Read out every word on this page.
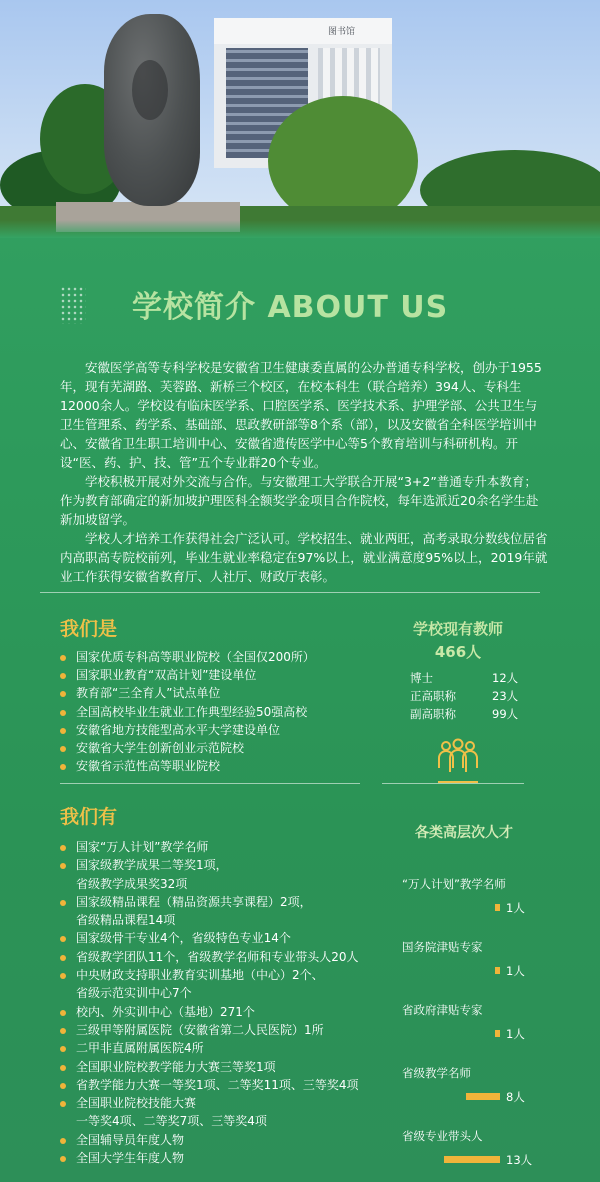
图书馆
学校简介 ABOUT US

安徽医学高等专科学校是安徽省卫生健康委直属的公办普通专科学校，创办于1955年，现有芜湖路、芙蓉路、新桥三个校区，在校本科生（联合培养）394人、专科生12000余人。学校设有临床医学系、口腔医学系、医学技术系、护理学部、公共卫生与卫生管理系、药学系、基础部、思政教研部等8个系（部），以及安徽省全科医学培训中心、安徽省卫生职工培训中心、安徽省遗传医学中心等5个教育培训与科研机构。开设“医、药、护、技、管”五个专业群20个专业。

学校积极开展对外交流与合作。与安徽理工大学联合开展“3+2”普通专升本教育；作为教育部确定的新加坡护理医科全额奖学金项目合作院校，每年选派近20余名学生赴新加坡留学。

学校人才培养工作获得社会广泛认可。学校招生、就业两旺，高考录取分数线位居省内高职高专院校前列，毕业生就业率稳定在97%以上，就业满意度95%以上，2019年就业工作获得安徽省教育厅、人社厅、财政厅表彰。

我们是
国家优质专科高等职业院校（全国仅200所）
国家职业教育“双高计划”建设单位
教育部“三全育人”试点单位
全国高校毕业生就业工作典型经验50强高校
安徽省地方技能型高水平大学建设单位
安徽省大学生创新创业示范院校
安徽省示范性高等职业院校
学校现有教师
466人
博士	12人
正高职称	23人
副高职称	99人
我们有
国家“万人计划”教学名师
国家级教学成果二等奖1项，
省级教学成果奖32项
国家级精品课程（精品资源共享课程）2项，
省级精品课程14项
国家级骨干专业4个，省级特色专业14个
省级教学团队11个，省级教学名师和专业带头人20人
中央财政支持职业教育实训基地（中心）2个、
省级示范实训中心7个
校内、外实训中心（基地）271个
三级甲等附属医院（安徽省第二人民医院）1所
二甲非直属附属医院4所
全国职业院校教学能力大赛三等奖1项
省教学能力大赛一等奖1项、二等奖11项、三等奖4项
全国职业院校技能大赛
一等奖4项、二等奖7项、三等奖4项
全国辅导员年度人物
全国大学生年度人物
各类高层次人才
“万人计划”教学名师
1人
国务院津贴专家
1人
省政府津贴专家
1人
省级教学名师
8人
省级专业带头人
13人
